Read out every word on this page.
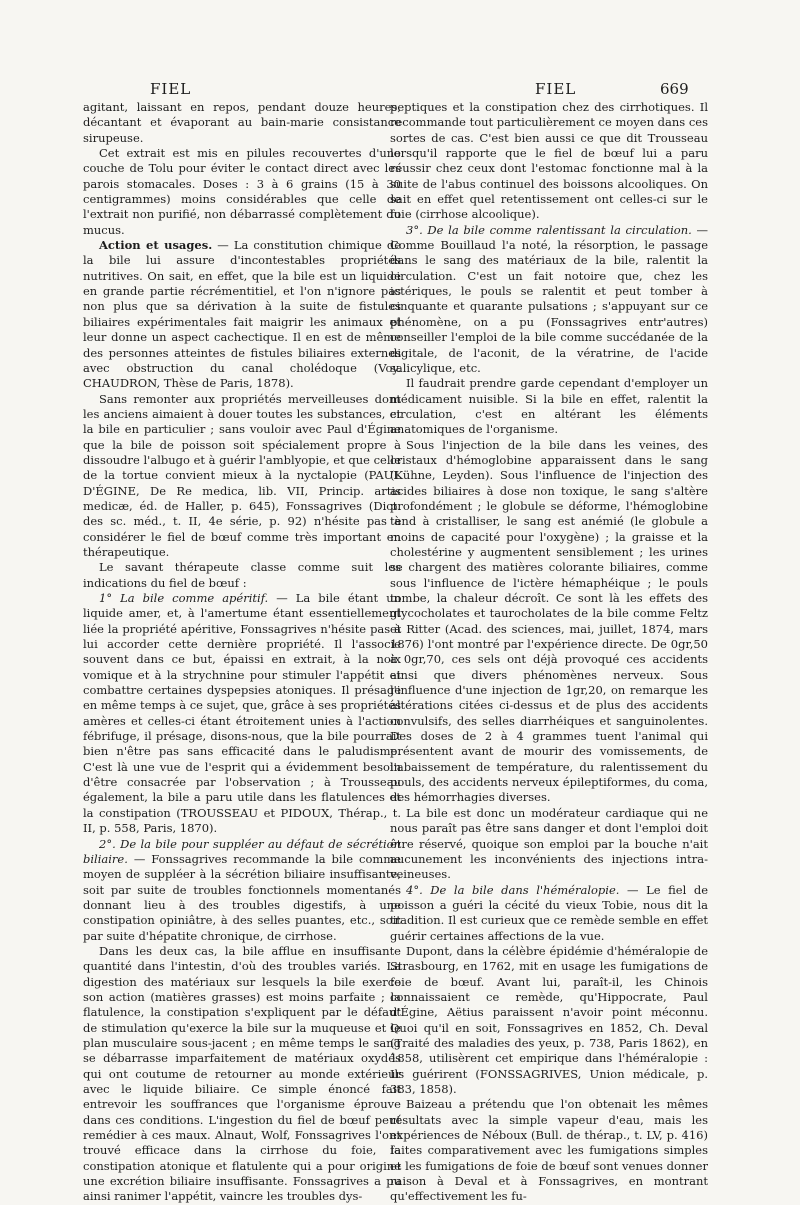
FIEL	FIEL	669

agitant, laissant en repos, pendant douze heures, décantant et évaporant au bain-marie consistance sirupeuse.

Cet extrait est mis en pilules recouvertes d'une couche de Tolu pour éviter le contact direct avec les parois stomacales. Doses : 3 à 6 grains (15 à 30 centigrammes) moins considérables que celle de l'extrait non purifié, non débarrassé complètement du mucus.

Action et usages. — La constitution chimique de la bile lui assure d'incontestables propriétés nutritives. On sait, en effet, que la bile est un liquide en grande partie récrémentitiel, et l'on n'ignore pas non plus que sa dérivation à la suite de fistules biliaires expérimentales fait maigrir les animaux et leur donne un aspect cachectique. Il en est de même des personnes atteintes de fistules biliaires externes avec obstruction du canal cholédoque (Voy. CHAUDRON, Thèse de Paris, 1878).

Sans remonter aux propriétés merveilleuses dont les anciens aimaient à douer toutes les substances, et la bile en particulier ; sans vouloir avec Paul d'Égine que la bile de poisson soit spécialement propre à dissoudre l'albugo et à guérir l'amblyopie, et que celle de la tortue convient mieux à la nyctalopie (PAUL D'ÉGINE, De Re medica, lib. VII, Princip. artis medicæ, éd. de Haller, p. 645), Fonssagrives (Dict. des sc. méd., t. II, 4e série, p. 92) n'hésite pas à considérer le fiel de bœuf comme très important en thérapeutique.

Le savant thérapeute classe comme suit les indications du fiel de bœuf :

1° La bile comme apéritif. — La bile étant un liquide amer, et, à l'amertume étant essentiellement liée la propriété apéritive, Fonssagrives n'hésite pas à lui accorder cette dernière propriété. Il l'associe souvent dans ce but, épaissi en extrait, à la noix vomique et à la strychnine pour stimuler l'appétit et combattre certaines dyspepsies atoniques. Il présage en même temps à ce sujet, que, grâce à ses propriétés amères et celles-ci étant étroitement unies à l'action fébrifuge, il présage, disons-nous, que la bile pourrait bien n'être pas sans efficacité dans le paludisme. C'est là une vue de l'esprit qui a évidemment besoin d'être consacrée par l'observation ; à Trousseau également, la bile a paru utile dans les flatulences et la constipation (TROUSSEAU et PIDOUX, Thérap., t. II, p. 558, Paris, 1870).

2°. De la bile pour suppléer au défaut de sécrétion biliaire. — Fonssagrives recommande la bile comme moyen de suppléer à la sécrétion biliaire insuffisante, soit par suite de troubles fonctionnels momentanés donnant lieu à des troubles digestifs, à une constipation opiniâtre, à des selles puantes, etc., soit par suite d'hépatite chronique, de cirrhose.

Dans les deux cas, la bile afflue en insuffisante quantité dans l'intestin, d'où des troubles variés. La digestion des matériaux sur lesquels la bile exerce son action (matières grasses) est moins parfaite ; la flatulence, la constipation s'expliquent par le défaut de stimulation qu'exerce la bile sur la muqueuse et le plan musculaire sous-jacent ; en même temps le sang se débarrasse imparfaitement de matériaux oxydés qui ont coutume de retourner au monde extérieur avec le liquide biliaire. Ce simple énoncé fait entrevoir les souffrances que l'organisme éprouve dans ces conditions. L'ingestion du fiel de bœuf peut remédier à ces maux. Alnaut, Wolf, Fonssagrives l'ont trouvé efficace dans la cirrhose du foie, la constipation atonique et flatulente qui a pour origine une excrétion biliaire insuffisante. Fonssagrives a pu ainsi ranimer l'appétit, vaincre les troubles dys-

peptiques et la constipation chez des cirrhotiques. Il recommande tout particulièrement ce moyen dans ces sortes de cas. C'est bien aussi ce que dit Trousseau lorsqu'il rapporte que le fiel de bœuf lui a paru réussir chez ceux dont l'estomac fonctionne mal à la suite de l'abus continuel des boissons alcooliques. On sait en effet quel retentissement ont celles-ci sur le foie (cirrhose alcoolique).

3°. De la bile comme ralentissant la circulation. — Comme Bouillaud l'a noté, la résorption, le passage dans le sang des matériaux de la bile, ralentit la circulation. C'est un fait notoire que, chez les ictériques, le pouls se ralentit et peut tomber à cinquante et quarante pulsations ; s'appuyant sur ce phénomène, on a pu (Fonssagrives entr'autres) conseiller l'emploi de la bile comme succédanée de la digitale, de l'aconit, de la vératrine, de l'acide salicylique, etc.

Il faudrait prendre garde cependant d'employer un médicament nuisible. Si la bile en effet, ralentit la circulation, c'est en altérant les éléments anatomiques de l'organisme.

Sous l'injection de la bile dans les veines, des cristaux d'hémoglobine apparaissent dans le sang (Kühne, Leyden). Sous l'influence de l'injection des acides biliaires à dose non toxique, le sang s'altère profondément ; le globule se déforme, l'hémoglobine tend à cristalliser, le sang est anémié (le globule a moins de capacité pour l'oxygène) ; la graisse et la cholestérine y augmentent sensiblement ; les urines se chargent des matières colorante biliaires, comme sous l'influence de l'ictère hémaphéique ; le pouls tombe, la chaleur décroît. Ce sont là les effets des glycocholates et taurocholates de la bile comme Feltz et Ritter (Acad. des sciences, mai, juillet, 1874, mars 1876) l'ont montré par l'expérience directe. De 0gr,50 à 0gr,70, ces sels ont déjà provoqué ces accidents ainsi que divers phénomènes nerveux. Sous l'influence d'une injection de 1gr,20, on remarque les altérations citées ci-dessus et de plus des accidents convulsifs, des selles diarrhéiques et sanguinolentes. Des doses de 2 à 4 grammes tuent l'animal qui présentent avant de mourir des vomissements, de l'abaissement de température, du ralentissement du pouls, des accidents nerveux épileptiformes, du coma, des hémorrhagies diverses.

La bile est donc un modérateur cardiaque qui ne nous paraît pas être sans danger et dont l'emploi doit être réservé, quoique son emploi par la bouche n'ait aucunement les inconvénients des injections intra-veineuses.

4°. De la bile dans l'héméralopie. — Le fiel de poisson a guéri la cécité du vieux Tobie, nous dit la tradition. Il est curieux que ce remède semble en effet guérir certaines affections de la vue.

Dupont, dans la célèbre épidémie d'héméralopie de Strasbourg, en 1762, mit en usage les fumigations de foie de bœuf. Avant lui, paraît-il, les Chinois connaissaient ce remède, qu'Hippocrate, Paul d'Égine, Aëtius paraissent n'avoir point méconnu. Quoi qu'il en soit, Fonssagrives en 1852, Ch. Deval (Traité des maladies des yeux, p. 738, Paris 1862), en 1858, utilisèrent cet empirique dans l'héméralopie : Ils guérirent (FONSSAGRIVES, Union médicale, p. 383, 1858).

Baizeau a prétendu que l'on obtenait les mêmes résultats avec la simple vapeur d'eau, mais les expériences de Néboux (Bull. de thérap., t. LV, p. 416) faites comparativement avec les fumigations simples et les fumigations de foie de bœuf sont venues donner raison à Deval et à Fonssagrives, en montrant qu'effectivement les fu-
